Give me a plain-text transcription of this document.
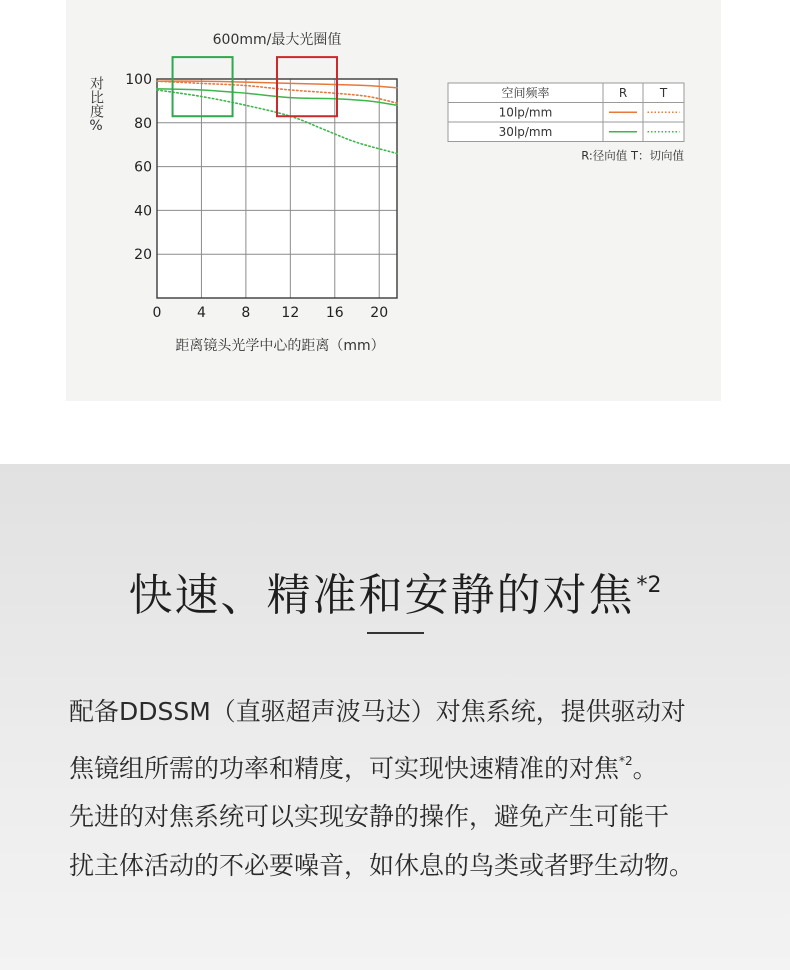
0	4	8 12 16 20
20
40
60
80
100
600mm/最大光圈值
距离镜头光学中心的距离（mm）
对比度%	空间频率	R	T
10lp/mm
30lp/mm
R:径向值 T：切向值
快速、精准和安静的对焦$^{*2}$
配备DDSSM（直驱超声波马达）对焦系统，提供驱动对
焦镜组所需的功率和精度，可实现快速精准的对焦$^{*2}$。
先进的对焦系统可以实现安静的操作，避免产生可能干
扰主体活动的不必要噪音，如休息的鸟类或者野生动物。
